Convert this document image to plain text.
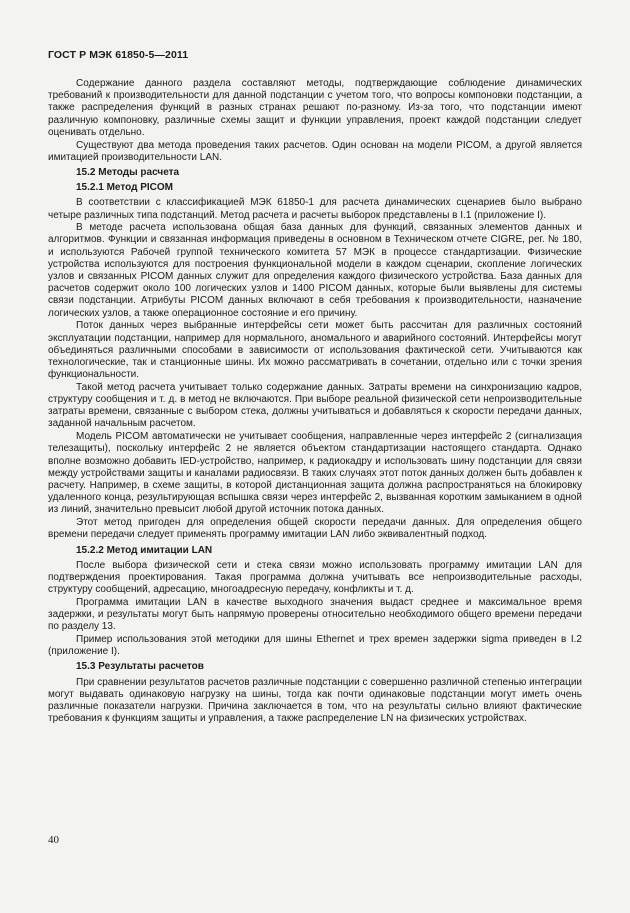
ГОСТ Р МЭК 61850-5—2011

Содержание данного раздела составляют методы, подтверждающие соблюдение динамических требований к производительности для данной подстанции с учетом того, что вопросы компоновки подстанции, а также распределения функций в разных странах решают по-разному. Из-за того, что подстанции имеют различную компоновку, различные схемы защит и функции управления, проект каждой подстанции следует оценивать отдельно.

Существуют два метода проведения таких расчетов. Один основан на модели PICOM, а другой является имитацией производительности LAN.

15.2 Методы расчета
15.2.1 Метод PICOM

В соответствии с классификацией МЭК 61850-1 для расчета динамических сценариев было выбрано четыре различных типа подстанций. Метод расчета и расчеты выборок представлены в I.1 (приложение I).

В методе расчета использована общая база данных для функций, связанных элементов данных и алгоритмов. Функции и связанная информация приведены в основном в Техническом отчете CIGRE, рег. № 180, и используются Рабочей группой технического комитета 57 МЭК в процессе стандартизации. Физические устройства используются для построения функциональной модели в каждом сценарии, скопление логических узлов и связанных PICOM данных служит для определения каждого физического устройства. База данных для расчетов содержит около 100 логических узлов и 1400 PICOM данных, которые были выявлены для системы связи подстанции. Атрибуты PICOM данных включают в себя требования к производительности, назначение логических узлов, а также операционное состояние и его причину.

Поток данных через выбранные интерфейсы сети может быть рассчитан для различных состояний эксплуатации подстанции, например для нормального, аномального и аварийного состояний. Интерфейсы могут объединяться различными способами в зависимости от использования фактической сети. Учитываются как технологические, так и станционные шины. Их можно рассматривать в сочетании, отдельно или с точки зрения функциональности.

Такой метод расчета учитывает только содержание данных. Затраты времени на синхронизацию кадров, структуру сообщения и т. д. в метод не включаются. При выборе реальной физической сети непроизводительные затраты времени, связанные с выбором стека, должны учитываться и добавляться к скорости передачи данных, заданной начальным расчетом.

Модель PICOM автоматически не учитывает сообщения, направленные через интерфейс 2 (сигнализация телезащиты), поскольку интерфейс 2 не является объектом стандартизации настоящего стандарта. Однако вполне возможно добавить IED-устройство, например, к радиокадру и использовать шину подстанции для связи между устройствами защиты и каналами радиосвязи. В таких случаях этот поток данных должен быть добавлен к расчету. Например, в схеме защиты, в которой дистанционная защита должна распространяться на блокировку удаленного конца, результирующая вспышка связи через интерфейс 2, вызванная коротким замыканием в одной из линий, значительно превысит любой другой источник потока данных.

Этот метод пригоден для определения общей скорости передачи данных. Для определения общего времени передачи следует применять программу имитации LAN либо эквивалентный подход.

15.2.2 Метод имитации LAN

После выбора физической сети и стека связи можно использовать программу имитации LAN для подтверждения проектирования. Такая программа должна учитывать все непроизводительные расходы, структуру сообщений, адресацию, многоадресную передачу, конфликты и т. д.

Программа имитации LAN в качестве выходного значения выдаст среднее и максимальное время задержки, и результаты могут быть напрямую проверены относительно необходимого общего времени передачи по разделу 13.

Пример использования этой методики для шины Ethernet и трех времен задержки sigma приведен в I.2 (приложение I).

15.3 Результаты расчетов

При сравнении результатов расчетов различные подстанции с совершенно различной степенью интеграции могут выдавать одинаковую нагрузку на шины, тогда как почти одинаковые подстанции могут иметь очень различные показатели нагрузки. Причина заключается в том, что на результаты сильно влияют фактические требования к функциям защиты и управления, а также распределение LN на физических устройствах.

40
